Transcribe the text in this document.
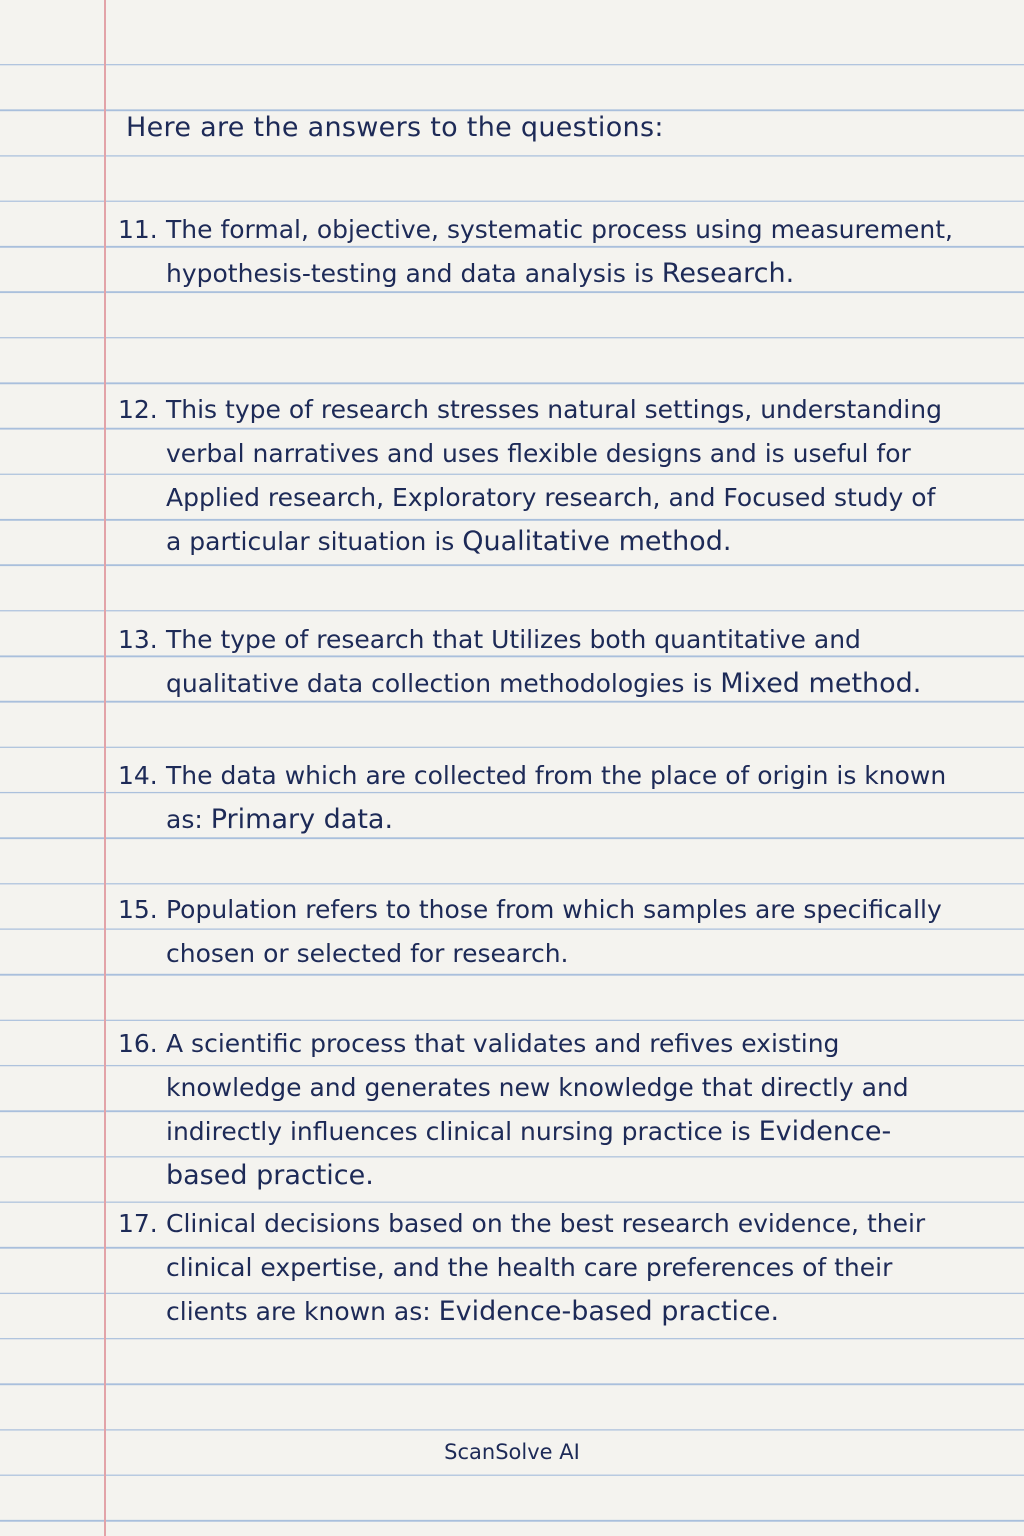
Here are the answers to the questions:
11. The formal, objective, systematic process using measurement, hypothesis-testing and data analysis is Research.
12. This type of research stresses natural settings, understanding verbal narratives and uses flexible designs and is useful for Applied research, Exploratory research, and Focused study of a particular situation is Qualitative method.
13. The type of research that Utilizes both quantitative and qualitative data collection methodologies is Mixed method.
14. The data which are collected from the place of origin is known as: Primary data.
15. Population refers to those from which samples are specifically chosen or selected for research.
16. A scientific process that validates and refives existing knowledge and generates new knowledge that directly and indirectly influences clinical nursing practice is Evidence-based practice.
17. Clinical decisions based on the best research evidence, their clinical expertise, and the health care preferences of their clients are known as: Evidence-based practice.
ScanSolve AI
